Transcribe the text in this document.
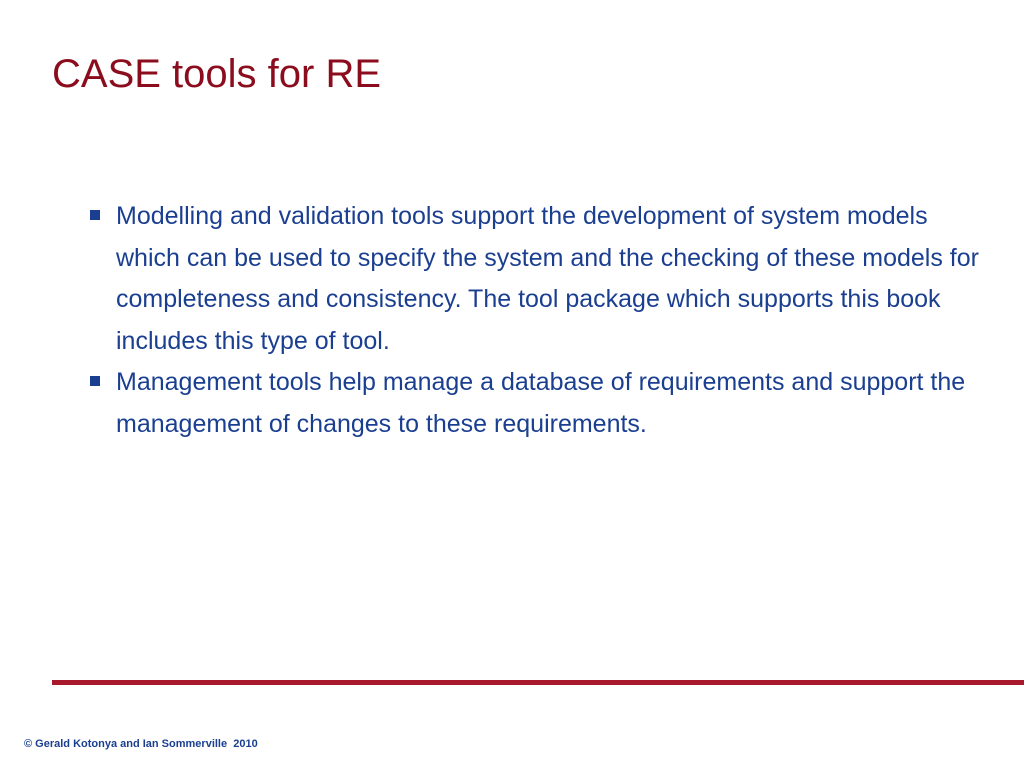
CASE tools for RE
Modelling and validation tools support the development of system models which can be used to specify the system and the checking of these models for completeness and consistency. The tool package which supports this book includes this type of tool.
Management tools help manage a database of requirements and support the management of changes to these requirements.
© Gerald Kotonya and Ian Sommerville  2010
